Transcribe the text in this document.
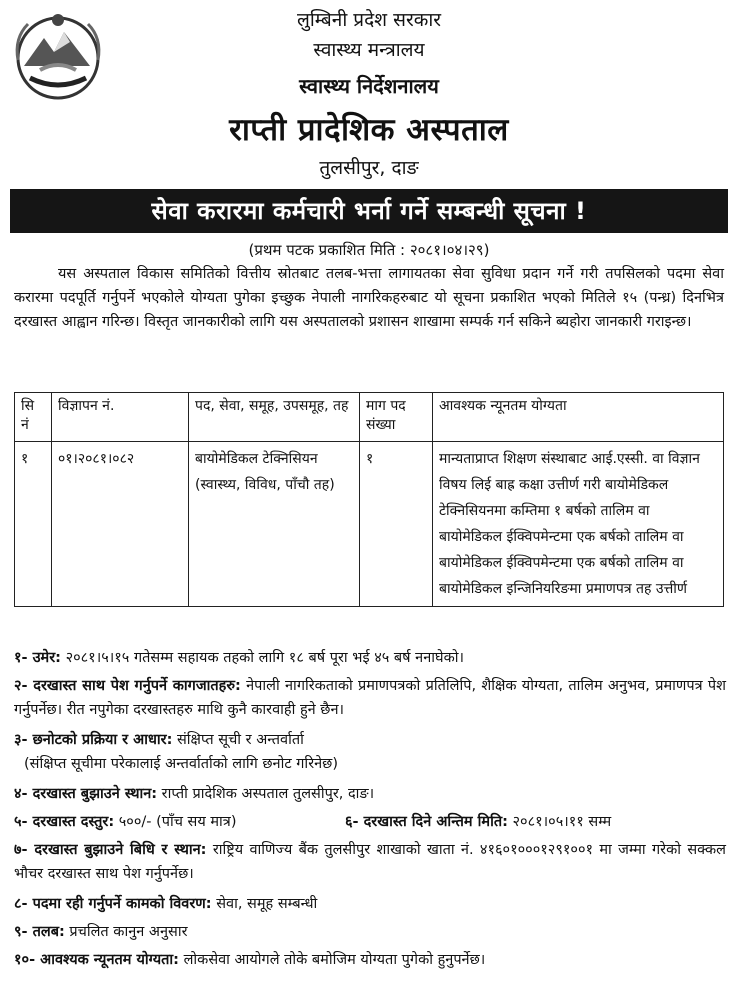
लुम्बिनी प्रदेश सरकार
स्वास्थ्य मन्त्रालय
स्वास्थ्य निर्देशनालय
राप्ती प्रादेशिक अस्पताल
तुलसीपुर, दाङ
सेवा करारमा कर्मचारी भर्ना गर्ने सम्बन्धी सूचना !
(प्रथम पटक प्रकाशित मिति : २०८१।०४।२९)
यस अस्पताल विकास समितिको वित्तीय स्रोतबाट तलब-भत्ता लागायतका सेवा सुविधा प्रदान गर्ने गरी तपसिलको पदमा सेवा करारमा पदपूर्ति गर्नुपर्ने भएकोले योग्यता पुगेका इच्छुक नेपाली नागरिकहरुबाट यो सूचना प्रकाशित भएको मितिले १५ (पन्ध्र) दिनभित्र दरखास्त आह्वान गरिन्छ। विस्तृत जानकारीको लागि यस अस्पतालको प्रशासन शाखामा सम्पर्क गर्न सकिने ब्यहोरा जानकारी गराइन्छ।
सि नं	विज्ञापन नं.	पद, सेवा, समूह, उपसमूह, तह	माग पद संख्या	आवश्यक न्यूनतम योग्यता
१	०१।२०८१।०८२	बायोमेडिकल टेक्निसियन (स्वास्थ्य, विविध, पाँचौ तह)	१	मान्यताप्राप्त शिक्षण संस्थाबाट आई.एस्सी. वा विज्ञान विषय लिई बाह्र कक्षा उत्तीर्ण गरी बायोमेडिकल टेक्निसियनमा कम्तिमा १ बर्षको तालिम वा बायोमेडिकल ईक्विपमेन्टमा एक बर्षको तालिम वा बायोमेडिकल ईक्विपमेन्टमा एक बर्षको तालिम वा बायोमेडिकल इन्जिनियरिङमा प्रमाणपत्र तह उत्तीर्ण
१- उमेर: २०८१।५।१५ गतेसम्म सहायक तहको लागि १८ बर्ष पूरा भई ४५ बर्ष ननाघेको।
२- दरखास्त साथ पेश गर्नुपर्ने कागजातहरु: नेपाली नागरिकताको प्रमाणपत्रको प्रतिलिपि, शैक्षिक योग्यता, तालिम अनुभव, प्रमाणपत्र पेश गर्नुपर्नेछ। रीत नपुगेका दरखास्तहरु माथि कुनै कारवाही हुने छैन।
३- छनोटको प्रक्रिया र आधार: संक्षिप्त सूची र अन्तर्वार्ता
(संक्षिप्त सूचीमा परेकालाई अन्तर्वार्ताको लागि छनोट गरिनेछ)
४- दरखास्त बुझाउने स्थान: राप्ती प्रादेशिक अस्पताल तुलसीपुर, दाङ।
५- दरखास्त दस्तुर: ५००/- (पाँच सय मात्र)	६- दरखास्त दिने अन्तिम मिति: २०८१।०५।११ सम्म
७- दरखास्त बुझाउने बिधि र स्थान: राष्ट्रिय वाणिज्य बैंक तुलसीपुर शाखाको खाता नं. ४१६०१०००१२९१००१ मा जम्मा गरेको सक्कल भौचर दरखास्त साथ पेश गर्नुपर्नेछ।
८- पदमा रही गर्नुपर्ने कामको विवरण: सेवा, समूह सम्बन्धी
९- तलब: प्रचलित कानुन अनुसार
१०- आवश्यक न्यूनतम योग्यता: लोकसेवा आयोगले तोके बमोजिम योग्यता पुगेको हुनुपर्नेछ।
